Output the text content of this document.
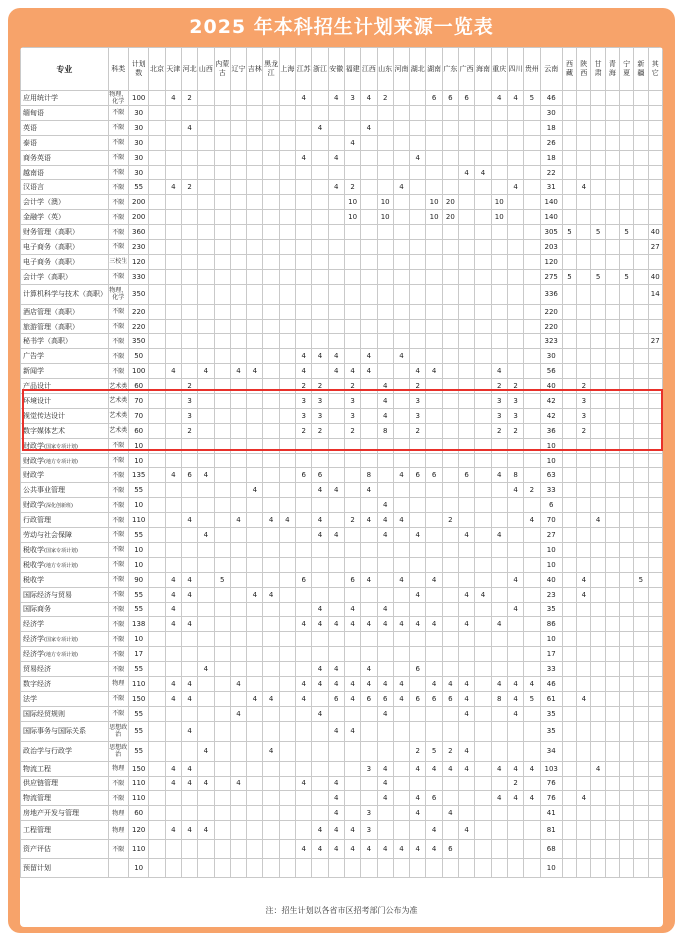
2025 年本科招生计划来源一览表
专业	科类	计划数	北京	天津	河北	山西	内蒙古	辽宁	吉林	黑龙江	上海	江苏	浙江	安徽	福建	江西	山东	河南	湖北	湖南	广东	广西	海南	重庆	四川	贵州	云南	西藏	陕西	甘肃	青海	宁夏	新疆	其它
应用统计学	物理、化学	100		4	2							4		4	3	4	2			6	6	6		4	4	5	46							
缅甸语	不限	30																									30							
英语	不限	30			4								4			4											18							
泰语	不限	30													4												26							
商务英语	不限	30										4		4					4								18							
越南语	不限	30																				4	4				22							
汉语言	不限	55		4	2									4	2			4							4		31		4					
会计学（澳）	不限	200													10		10			10	20			10			140							
金融学（英）	不限	200													10		10			10	20			10			140							
财务管理（高职）	不限	360																									305	5		5		5		40
电子商务（高职）	不限	230																									203							27
电子商务（高职）	三校生	120																									120							
会计学（高职）	不限	330																									275	5		5		5		40
计算机科学与技术（高职）	物理、化学	350																									336							14
酒店管理（高职）	不限	220																									220							
旅游管理（高职）	不限	220																									220							
秘书学（高职）	不限	350																									323							27
广告学	不限	50										4	4	4		4		4									30							
新闻学	不限	100		4		4		4	4			4		4	4	4			4	4				4			56							
产品设计	艺术类	60			2							2	2		2		4		2					2	2		40		2					
环境设计	艺术类	70			3							3	3		3		4		3					3	3		42		3					
视觉传达设计	艺术类	70			3							3	3		3		4		3					3	3		42		3					
数字媒体艺术	艺术类	60			2							2	2		2		8		2					2	2		36		2					
财政学(国家专项计划)	不限	10																									10							
财政学(地方专项计划)	不限	10																									10							
财政学	不限	135		4	6	4						6	6			8		4	6	6		6		4	8		63							
公共事业管理	不限	55							4				4	4		4									4	2	33							
财政学(深化创新班)	不限	10															4										6							
行政管理	不限	110			4			4		4	4		4		2	4	4	4			2					4	70			4				
劳动与社会保障	不限	55				4							4	4			4		4			4		4			27							
税收学(国家专项计划)	不限	10																									10							
税收学(地方专项计划)	不限	10																									10							
税收学	不限	90		4	4		5					6			6	4		4		4					4		40		4				5	
国际经济与贸易	不限	55		4	4				4	4									4			4	4				23		4					
国际商务	不限	55		4									4		4		4								4		35							
经济学	不限	138		4	4							4	4	4	4	4	4	4	4	4		4		4			86							
经济学(国家专项计划)	不限	10																									10							
经济学(地方专项计划)	不限	17																									17							
贸易经济	不限	55				4							4	4		4			6								33							
数字经济	物理	110		4	4			4				4	4	4	4	4	4	4		4	4	4		4	4	4	46							
法学	不限	150		4	4				4	4		4		6	4	6	6	4	6	6	6	4		8	4	5	61		4					
国际经贸规则	不限	55						4					4				4					4			4		35							
国际事务与国际关系	思想政治	55			4									4	4												35							
政治学与行政学	思想政治	55				4				4									2	5	2	4					34							
物流工程	物理	150		4	4											3	4		4	4	4	4		4	4	4	103			4				
供应链管理	不限	110		4	4	4		4				4		4			4								2		76							
物流管理	不限	110												4			4		4	6				4	4	4	76		4					
房地产开发与管理	物理	60												4		3			4		4						41							
工程管理	物理	120		4	4	4							4	4	4	3				4		4					81							
资产评估	不限	110										4	4	4	4	4	4	4	4	4	6						68							
预留计划		10																									10							
注：招生计划以各省市区招考部门公布为准
